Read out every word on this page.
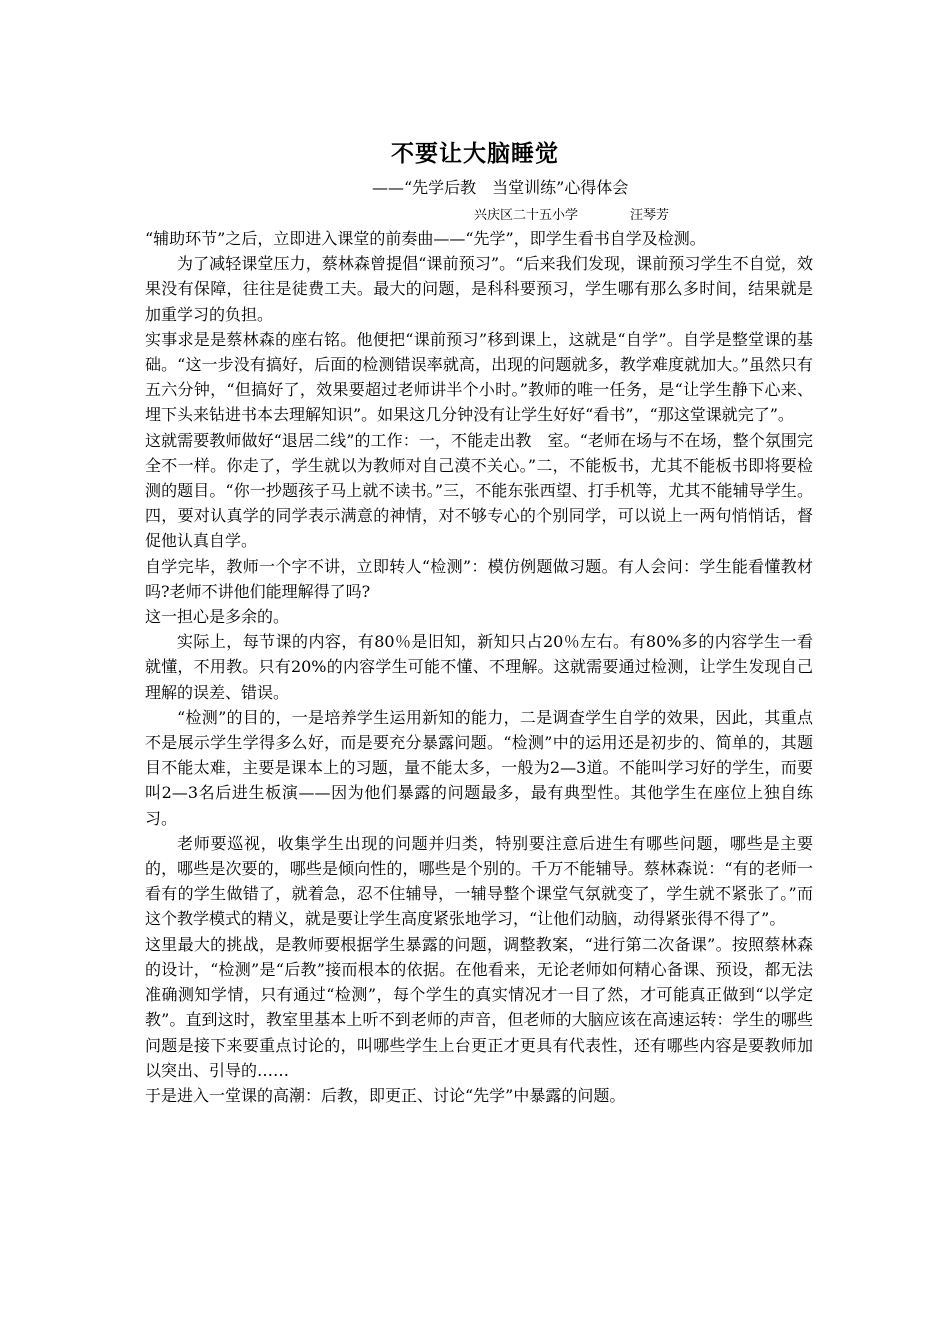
不要让大脑睡觉
——“先学后教　当堂训练”心得体会
兴庆区二十五小学　　　　	汪琴芳

“辅助环节”之后，立即进入课堂的前奏曲——“先学”，即学生看书自学及检测。

为了减轻课堂压力，蔡林森曾提倡“课前预习”。“后来我们发现，课前预习学生不自觉，效果没有保障，往往是徒费工夫。最大的问题，是科科要预习，学生哪有那么多时间，结果就是加重学习的负担。

实事求是是蔡林森的座右铭。他便把“课前预习”移到课上，这就是“自学”。自学是整堂课的基础。“这一步没有搞好，后面的检测错误率就高，出现的问题就多，教学难度就加大。”虽然只有五六分钟，“但搞好了，效果要超过老师讲半个小时。”教师的唯一任务，是“让学生静下心来、埋下头来钻进书本去理解知识”。如果这几分钟没有让学生好好“看书”，“那这堂课就完了”。

这就需要教师做好“退居二线”的工作：一，不能走出教　室。“老师在场与不在场，整个氛围完全不一样。你走了，学生就以为教师对自己漠不关心。”二，不能板书，尤其不能板书即将要检测的题目。“你一抄题孩子马上就不读书。”三，不能东张西望、打手机等，尤其不能辅导学生。四，要对认真学的同学表示满意的神情，对不够专心的个别同学，可以说上一两句悄悄话，督促他认真自学。

自学完毕，教师一个字不讲，立即转人“检测”：模仿例题做习题。有人会问：学生能看懂教材吗?老师不讲他们能理解得了吗?

这一担心是多余的。

实际上，每节课的内容，有80％是旧知，新知只占20％左右。有80%多的内容学生一看就懂，不用教。只有20%的内容学生可能不懂、不理解。这就需要通过检测，让学生发现自己理解的误差、错误。

“检测”的目的，一是培养学生运用新知的能力，二是调查学生自学的效果，因此，其重点不是展示学生学得多么好，而是要充分暴露问题。“检测”中的运用还是初步的、简单的，其题目不能太难，主要是课本上的习题，量不能太多，一般为2—3道。不能叫学习好的学生，而要叫2—3名后进生板演——因为他们暴露的问题最多，最有典型性。其他学生在座位上独自练习。

老师要巡视，收集学生出现的问题并归类，特别要注意后进生有哪些问题，哪些是主要的，哪些是次要的，哪些是倾向性的，哪些是个别的。千万不能辅导。蔡林森说：“有的老师一看有的学生做错了，就着急，忍不住辅导，一辅导整个课堂气氛就变了，学生就不紧张了。”而这个教学模式的精义，就是要让学生高度紧张地学习，“让他们动脑，动得紧张得不得了”。

这里最大的挑战，是教师要根据学生暴露的问题，调整教案，“进行第二次备课”。按照蔡林森的设计，“检测”是“后教”接而根本的依据。在他看来，无论老师如何精心备课、预设，都无法准确测知学情，只有通过“检测”，每个学生的真实情况才一目了然，才可能真正做到“以学定教”。直到这时，教室里基本上听不到老师的声音，但老师的大脑应该在高速运转：学生的哪些问题是接下来要重点讨论的，叫哪些学生上台更正才更具有代表性，还有哪些内容是要教师加以突出、引导的……

于是进入一堂课的高潮：后教，即更正、讨论“先学”中暴露的问题。
